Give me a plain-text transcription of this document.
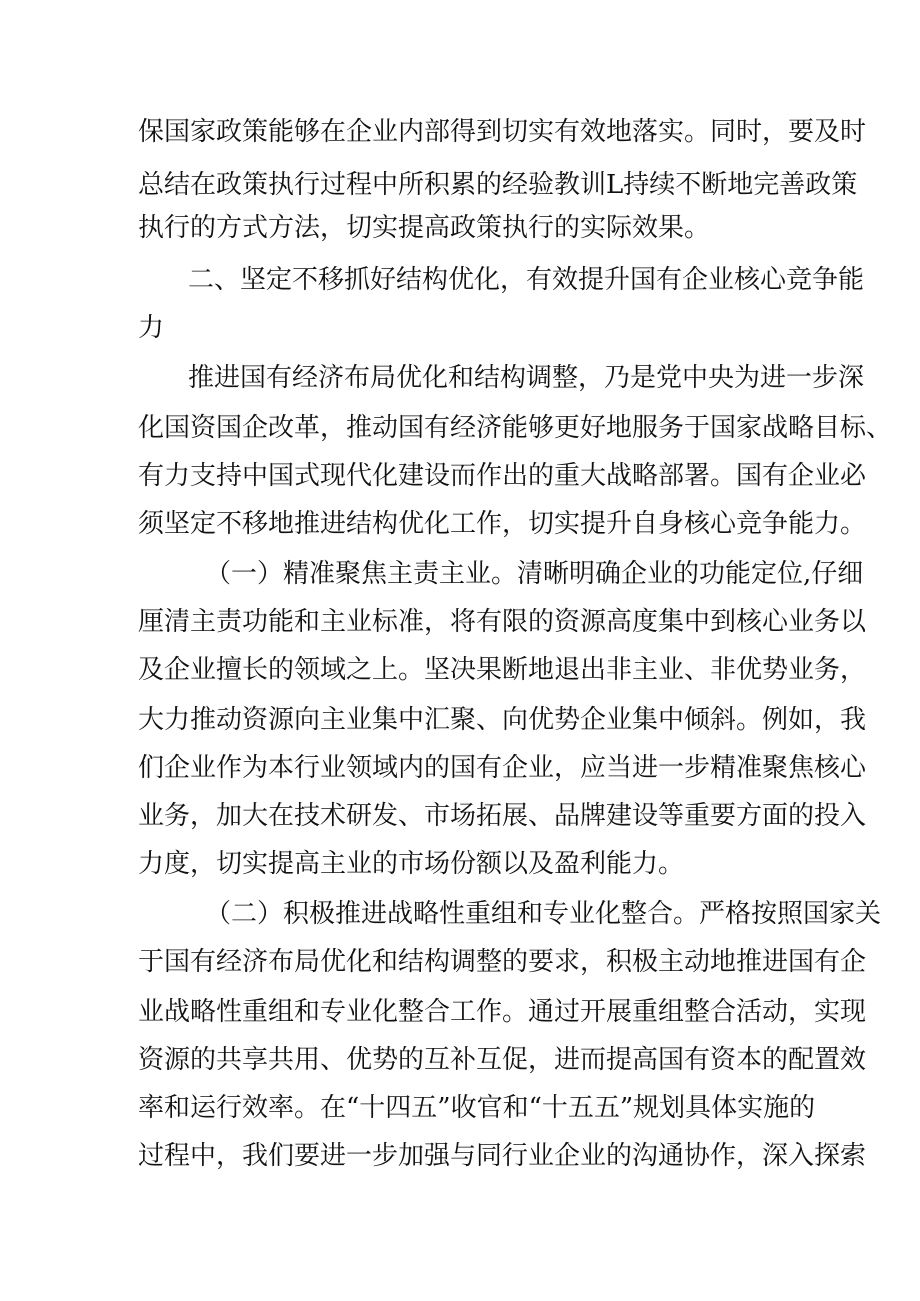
保国家政策能够在企业内部得到切实有效地落实。同时，要及时
总结在政策执行过程中所积累的经验教训L持续不断地完善政策
执行的方式方法，切实提高政策执行的实际效果。
二、坚定不移抓好结构优化，有效提升国有企业核心竞争能
力
推进国有经济布局优化和结构调整，乃是党中央为进一步深
化国资国企改革，推动国有经济能够更好地服务于国家战略目标、
有力支持中国式现代化建设而作出的重大战略部署。国有企业必
须坚定不移地推进结构优化工作，切实提升自身核心竞争能力。
（一）精准聚焦主责主业。清晰明确企业的功能定位,仔细
厘清主责功能和主业标准，将有限的资源高度集中到核心业务以
及企业擅长的领域之上。坚决果断地退出非主业、非优势业务，
大力推动资源向主业集中汇聚、向优势企业集中倾斜。例如，我
们企业作为本行业领域内的国有企业，应当进一步精准聚焦核心
业务，加大在技术研发、市场拓展、品牌建设等重要方面的投入
力度，切实提高主业的市场份额以及盈利能力。
（二）积极推进战略性重组和专业化整合。严格按照国家关
于国有经济布局优化和结构调整的要求，积极主动地推进国有企
业战略性重组和专业化整合工作。通过开展重组整合活动，实现
资源的共享共用、优势的互补互促，进而提高国有资本的配置效
率和运行效率。在“十四五”收官和“十五五”规划具体实施的
过程中，我们要进一步加强与同行业企业的沟通协作，深入探索
